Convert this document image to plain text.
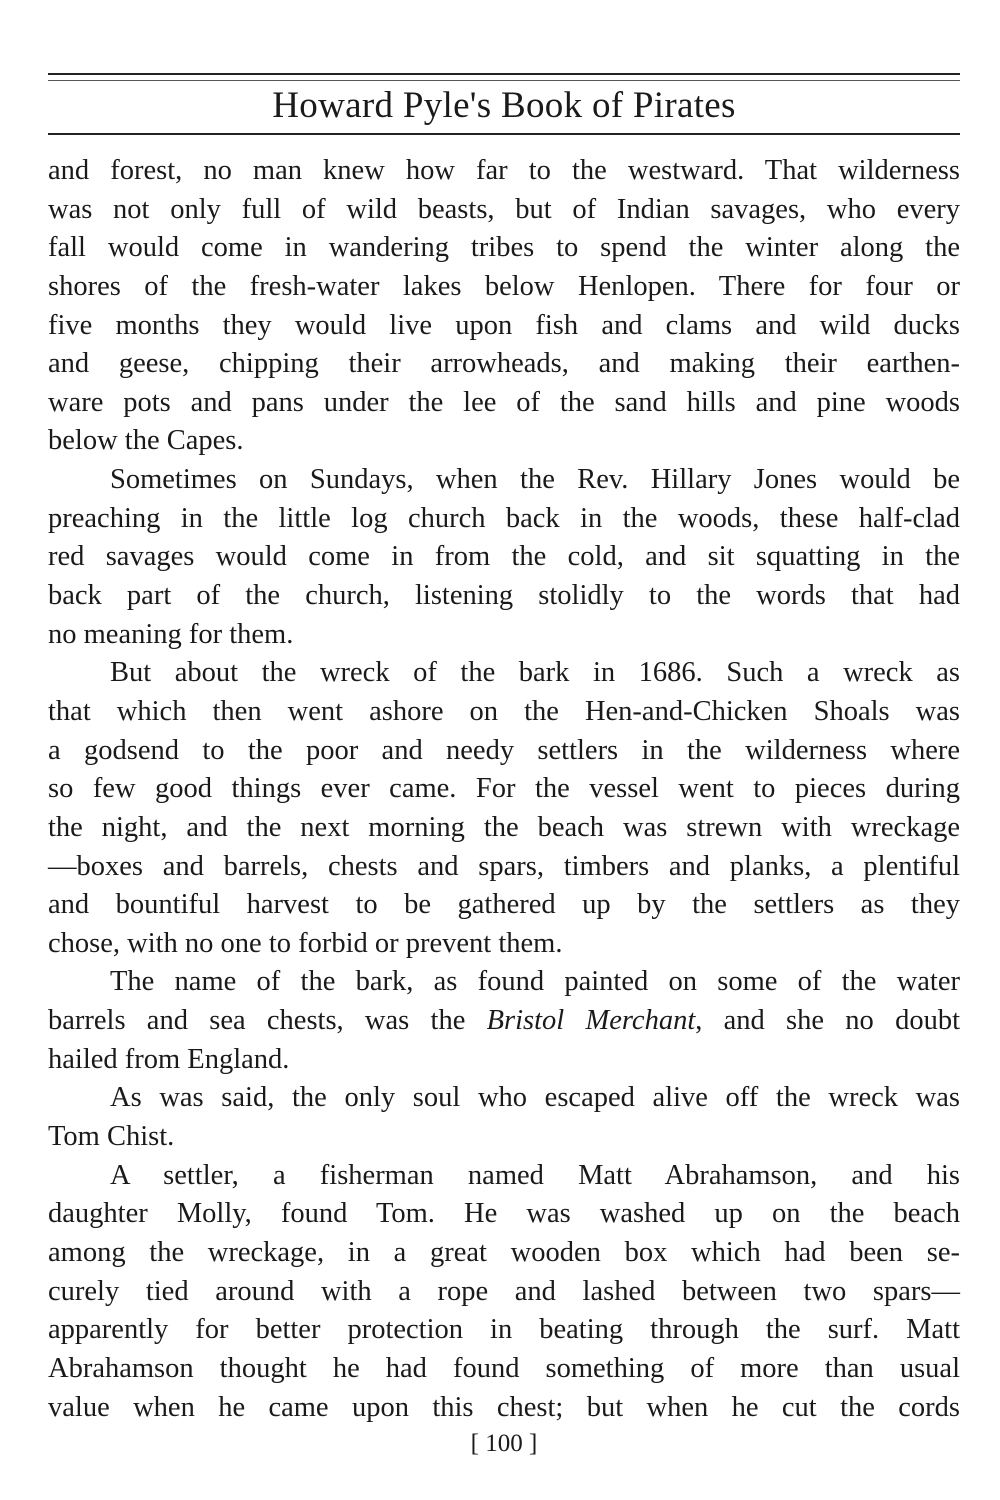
Howard Pyle's Book of Pirates
and forest, no man knew how far to the westward. That wilderness
was not only full of wild beasts, but of Indian savages, who every
fall would come in wandering tribes to spend the winter along the
shores of the fresh-water lakes below Henlopen. There for four or
five months they would live upon fish and clams and wild ducks
and geese, chipping their arrowheads, and making their earthen-
ware pots and pans under the lee of the sand hills and pine woods
below the Capes.
Sometimes on Sundays, when the Rev. Hillary Jones would be
preaching in the little log church back in the woods, these half-clad
red savages would come in from the cold, and sit squatting in the
back part of the church, listening stolidly to the words that had
no meaning for them.
But about the wreck of the bark in 1686. Such a wreck as
that which then went ashore on the Hen-and-Chicken Shoals was
a godsend to the poor and needy settlers in the wilderness where
so few good things ever came. For the vessel went to pieces during
the night, and the next morning the beach was strewn with wreckage
—boxes and barrels, chests and spars, timbers and planks, a plentiful
and bountiful harvest to be gathered up by the settlers as they
chose, with no one to forbid or prevent them.
The name of the bark, as found painted on some of the water
barrels and sea chests, was the Bristol Merchant, and she no doubt
hailed from England.
As was said, the only soul who escaped alive off the wreck was
Tom Chist.
A settler, a fisherman named Matt Abrahamson, and his
daughter Molly, found Tom. He was washed up on the beach
among the wreckage, in a great wooden box which had been se-
curely tied around with a rope and lashed between two spars—
apparently for better protection in beating through the surf. Matt
Abrahamson thought he had found something of more than usual
value when he came upon this chest; but when he cut the cords
[ 100 ]
